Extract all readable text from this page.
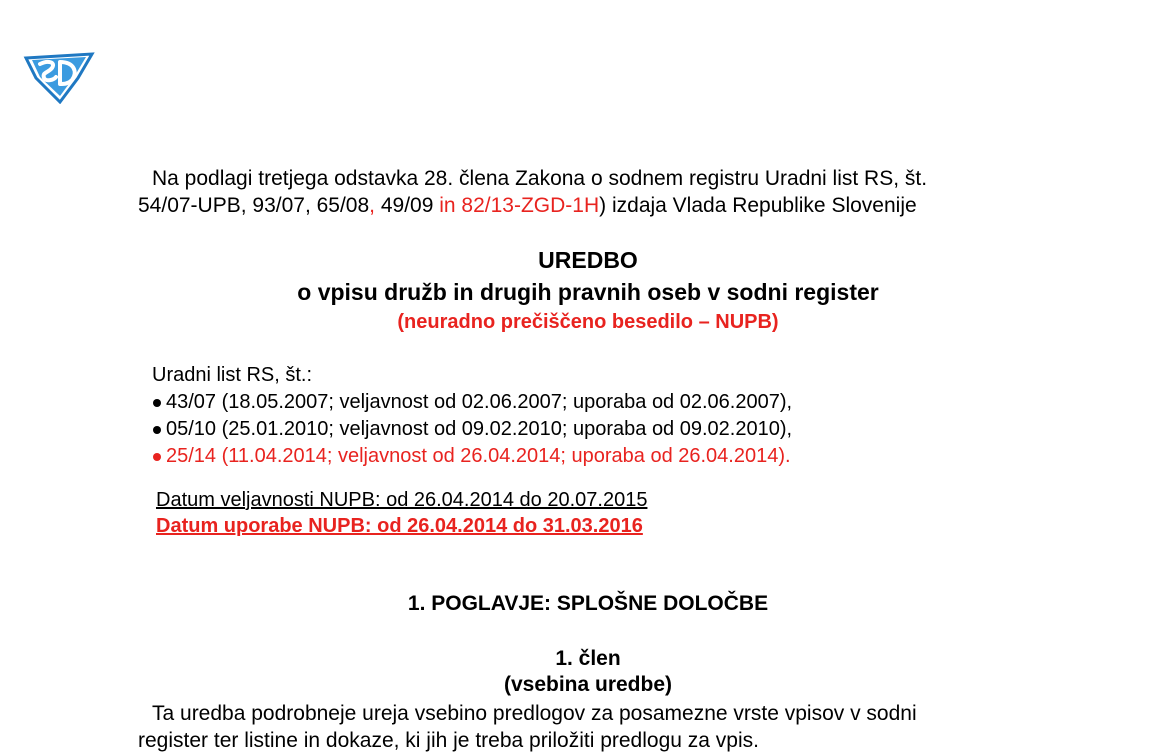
Na podlagi tretjega odstavka 28. člena Zakona o sodnem registru Uradni list RS, št.
54/07-UPB, 93/07, 65/08, 49/09 in 82/13-ZGD-1H) izdaja Vlada Republike Slovenije
UREDBO
o vpisu družb in drugih pravnih oseb v sodni register
(neuradno prečiščeno besedilo – NUPB)
Uradni list RS, št.:
43/07 (18.05.2007; veljavnost od 02.06.2007; uporaba od 02.06.2007),
05/10 (25.01.2010; veljavnost od 09.02.2010; uporaba od 09.02.2010),
25/14 (11.04.2014; veljavnost od 26.04.2014; uporaba od 26.04.2014).
Datum veljavnosti NUPB: od 26.04.2014 do 20.07.2015
Datum uporabe NUPB: od 26.04.2014 do 31.03.2016
1. POGLAVJE: SPLOŠNE DOLOČBE
1. člen
(vsebina uredbe)
Ta uredba podrobneje ureja vsebino predlogov za posamezne vrste vpisov v sodni
register ter listine in dokaze, ki jih je treba priložiti predlogu za vpis.
